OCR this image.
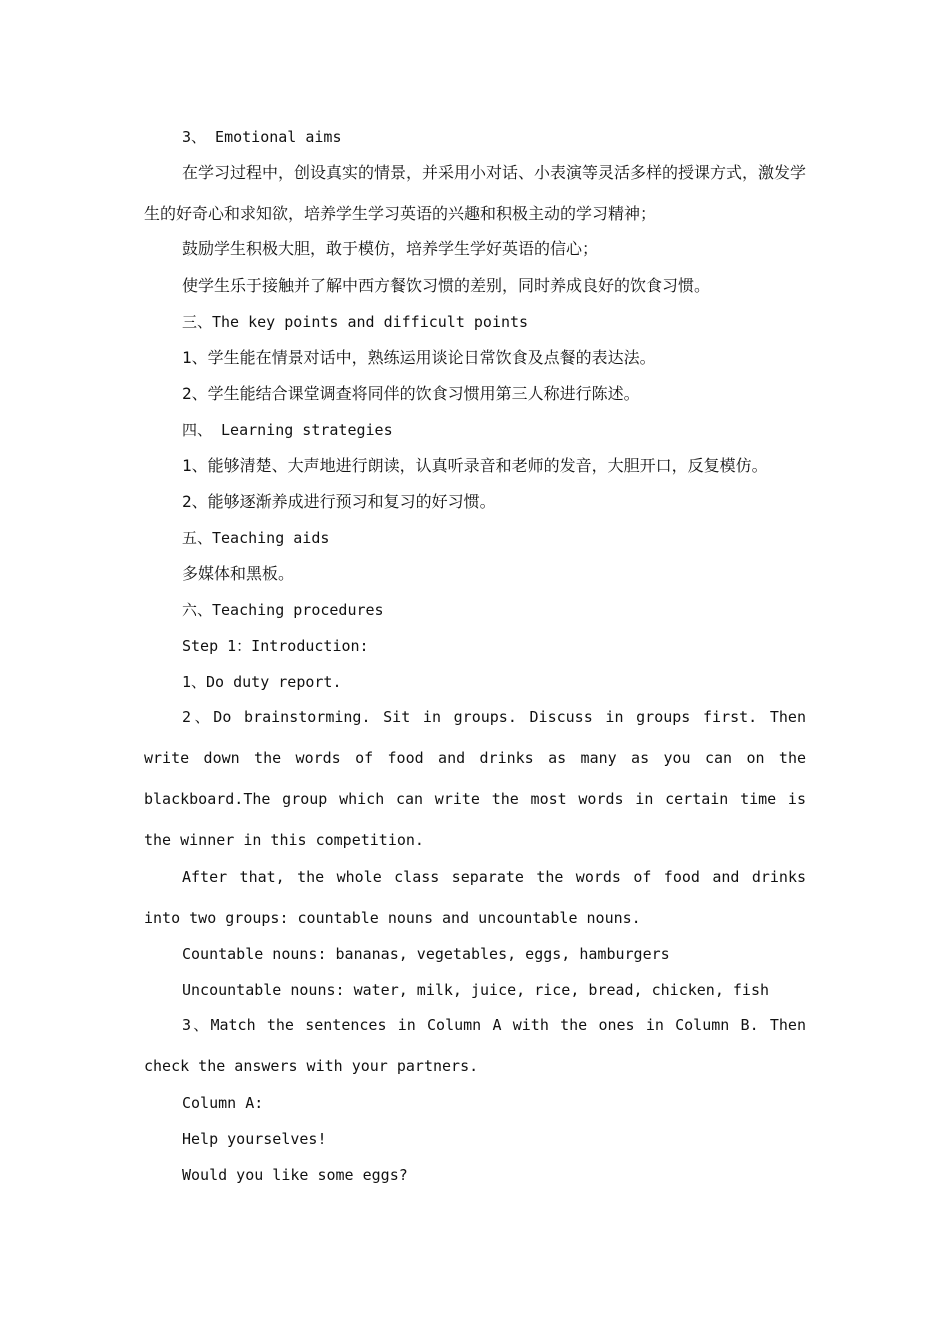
3、 Emotional aims
在学习过程中，创设真实的情景，并采用小对话、小表演等灵活多样的授课方式，激发学生的好奇心和求知欲，培养学生学习英语的兴趣和积极主动的学习精神；
鼓励学生积极大胆，敢于模仿，培养学生学好英语的信心；
使学生乐于接触并了解中西方餐饮习惯的差别，同时养成良好的饮食习惯。
三、The key points and difficult points
1、学生能在情景对话中，熟练运用谈论日常饮食及点餐的表达法。
2、学生能结合课堂调查将同伴的饮食习惯用第三人称进行陈述。
四、 Learning strategies
1、能够清楚、大声地进行朗读，认真听录音和老师的发音，大胆开口，反复模仿。
2、能够逐渐养成进行预习和复习的好习惯。
五、Teaching aids
多媒体和黑板。
六、Teaching procedures
Step 1：Introduction:
1、Do duty report.
2、Do brainstorming. Sit in groups. Discuss in groups first. Then write down the words of food and drinks as many as you can on the blackboard.The group which can write the most words in certain time is the winner in this competition.
After that, the whole class separate the words of food and drinks into two groups: countable nouns and uncountable nouns.
Countable nouns: bananas, vegetables, eggs, hamburgers
Uncountable nouns: water, milk, juice, rice, bread, chicken, fish
3、Match the sentences in Column A with the ones in Column B. Then check the answers with your partners.
Column A:
Help yourselves!
Would you like some eggs?
